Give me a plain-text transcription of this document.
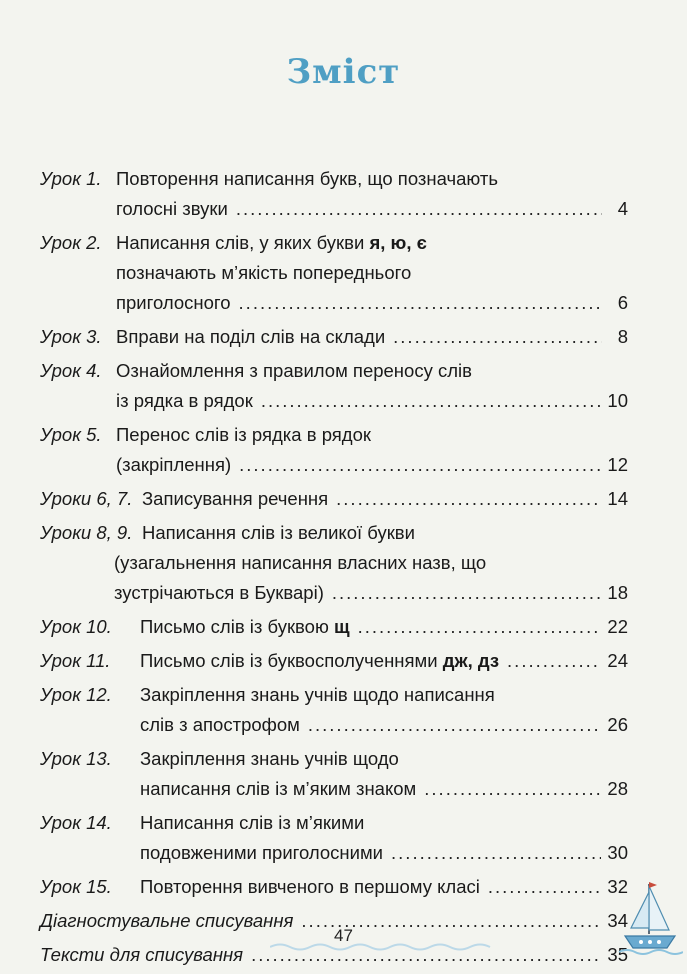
Зміст
Урок 1. Повторення написання букв, що позначають
голосні звуки .....	4
Урок 2. Написання слів, у яких букви я, ю, є
позначають м’якість попереднього
приголосного .....	6
Урок 3. Вправи на поділ слів на склади .....	8
Урок 4. Ознайомлення з правилом переносу слів
із рядка в рядок .....	10
Урок 5. Перенос слів із рядка в рядок
(закріплення) .....	12
Уроки 6, 7. Записування речення .....	14
Уроки 8, 9. Написання слів із великої букви
(узагальнення написання власних назв, що
зустрічаються в Букварі) .....	18
Урок 10.	Письмо слів із буквою щ .....	22
Урок 11.	Письмо слів із буквосполученнями дж, дз .....	24
Урок 12.	Закріплення знань учнів щодо написання
слів з апострофом .....	26
Урок 13.	Закріплення знань учнів щодо
написання слів із м’яким знаком .....	28
Урок 14.	Написання слів із м’якими
подовженими приголосними .....	30
Урок 15.	Повторення вивченого в першому класі .....	32
Діагностувальне списування .....	34
Тексти для списування .....	35
47
